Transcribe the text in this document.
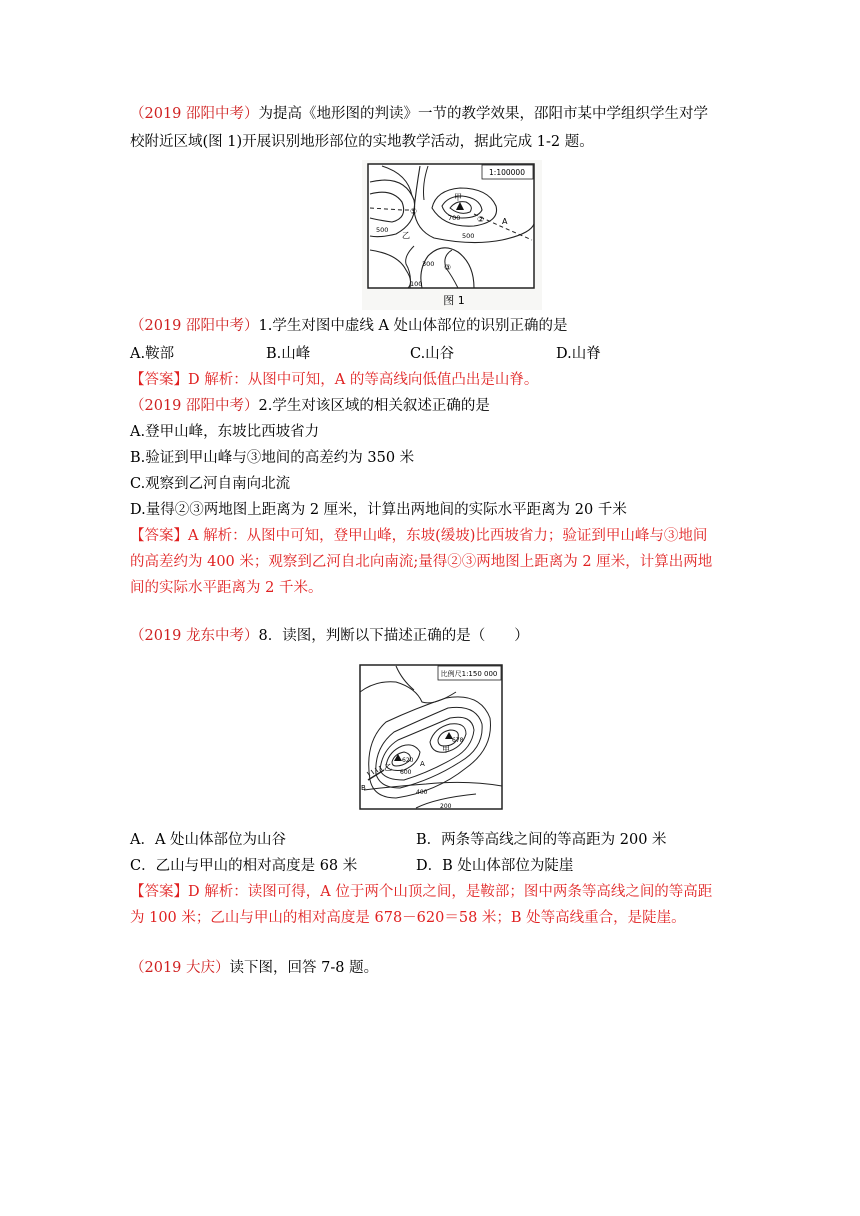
（2019 邵阳中考）为提高《地形图的判读》一节的教学效果，邵阳市某中学组织学生对学
校附近区域(图 1)开展识别地形部位的实地教学活动，据此完成 1-2 题。
1:100000
甲
700	A
②
①
乙
500
300 ③
500
100
图 1
（2019 邵阳中考）1.学生对图中虚线 A 处山体部位的识别正确的是
A.鞍部	B.山峰	C.山谷	D.山脊
【答案】D 解析：从图中可知，A 的等高线向低值凸出是山脊。
（2019 邵阳中考）2.学生对该区域的相关叙述正确的是
A.登甲山峰，东坡比西坡省力
B.验证到甲山峰与③地间的高差约为 350 米
C.观察到乙河自南向北流
D.量得②③两地图上距离为 2 厘米，计算出两地间的实际水平距离为 20 千米
【答案】A 解析：从图中可知，登甲山峰，东坡(缓坡)比西坡省力；验证到甲山峰与③地间
的高差约为 400 米；观察到乙河自北向南流;量得②③两地图上距离为 2 厘米，计算出两地
间的实际水平距离为 2 千米。
（2019 龙东中考）8．读图，判断以下描述正确的是（　　）
比例尺1:150 000
甲
678
620
乙	A
600
B
400
200
A．A 处山体部位为山谷	B．两条等高线之间的等高距为 200 米
C．乙山与甲山的相对高度是 68 米	D．B 处山体部位为陡崖
【答案】D 解析：读图可得，A 位于两个山顶之间，是鞍部；图中两条等高线之间的等高距
为 100 米；乙山与甲山的相对高度是 678－620＝58 米；B 处等高线重合，是陡崖。
（2019 大庆）读下图，回答 7-8 题。
